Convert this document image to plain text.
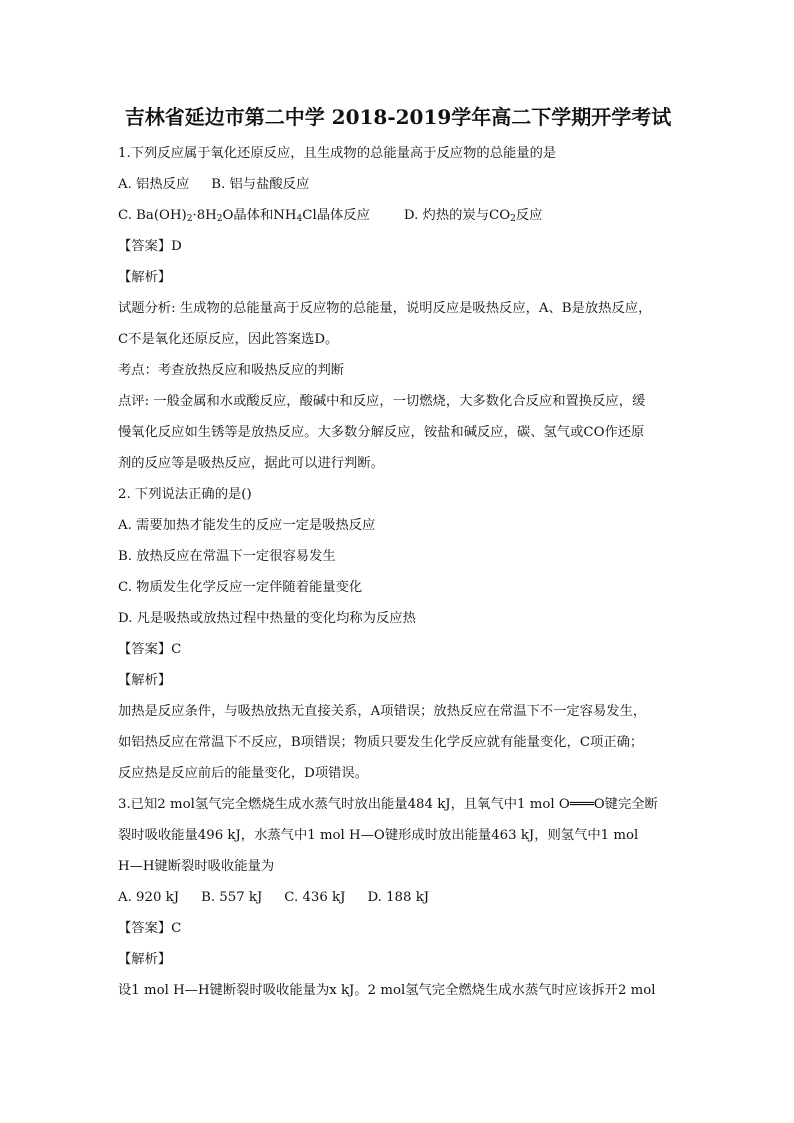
吉林省延边市第二中学 2018-2019学年高二下学期开学考试
1.下列反应属于氧化还原反应，且生成物的总能量高于反应物的总能量的是
A. 铝热反应 B. 铝与盐酸反应
C. $Ba(OH)_2\cdot 8H_2O$晶体和$NH_4Cl$晶体反应	D. 灼热的炭与$CO_2$反应
【答案】D
【解析】
试题分析: 生成物的总能量高于反应物的总能量，说明反应是吸热反应，A、B是放热反应，
C不是氧化还原反应，因此答案选D。
考点：考查放热反应和吸热反应的判断
点评: 一般金属和水或酸反应，酸碱中和反应，一切燃烧，大多数化合反应和置换反应，缓
慢氧化反应如生锈等是放热反应。大多数分解反应，铵盐和碱反应，碳、氢气或CO作还原
剂的反应等是吸热反应，据此可以进行判断。
2. 下列说法正确的是()
A. 需要加热才能发生的反应一定是吸热反应
B. 放热反应在常温下一定很容易发生
C. 物质发生化学反应一定伴随着能量变化
D. 凡是吸热或放热过程中热量的变化均称为反应热
【答案】C
【解析】
加热是反应条件，与吸热放热无直接关系，A项错误；放热反应在常温下不一定容易发生，
如铝热反应在常温下不反应，B项错误；物质只要发生化学反应就有能量变化，C项正确；
反应热是反应前后的能量变化，D项错误。
3.已知2 mol氢气完全燃烧生成水蒸气时放出能量484 kJ，且氧气中1 mol O═══O键完全断
裂时吸收能量496 kJ，水蒸气中1 mol H—O键形成时放出能量463 kJ，则氢气中1 mol
H—H键断裂时吸收能量为
A. 920 kJ B. 557 kJ C. 436 kJ D. 188 kJ
【答案】C
【解析】
设1 mol H—H键断裂时吸收能量为x kJ。2 mol氢气完全燃烧生成水蒸气时应该拆开2 mol
